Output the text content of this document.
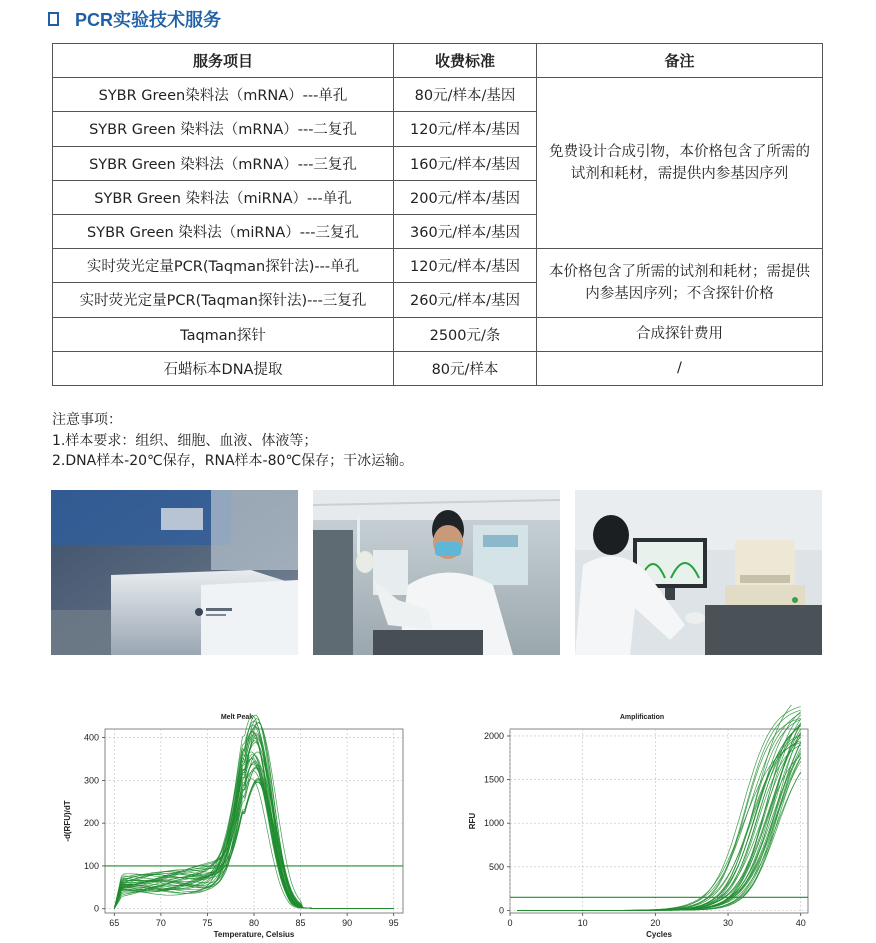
PCR实验技术服务
服务项目	收费标准	备注
SYBR Green染料法（mRNA）---单孔	80元/样本/基因	免费设计合成引物，本价格包含了所需的试剂和耗材，需提供内参基因序列
SYBR Green 染料法（mRNA）---二复孔	120元/样本/基因	
SYBR Green 染料法（mRNA）---三复孔	160元/样本/基因	
SYBR Green 染料法（miRNA）---单孔	200元/样本/基因	
SYBR Green 染料法（miRNA）---三复孔	360元/样本/基因	
实时荧光定量PCR(Taqman探针法)---单孔	120元/样本/基因	本价格包含了所需的试剂和耗材；需提供内参基因序列；不含探针价格
实时荧光定量PCR(Taqman探针法)---三复孔	260元/样本/基因	
Taqman探针	2500元/条	合成探针费用
石蜡标本DNA提取	80元/样本	/
注意事项：
1.样本要求：组织、细胞、血液、体液等；
2.DNA样本-20℃保存，RNA样本-80℃保存；干冰运输。
Melt Peak
65	70	75	80	85	90	95
0
100
200
300
400
Temperature, Celsius
-d(RFU)/dT
Amplification
0	10	20	30	40
0
500
1000
1500
2000
Cycles
RFU
